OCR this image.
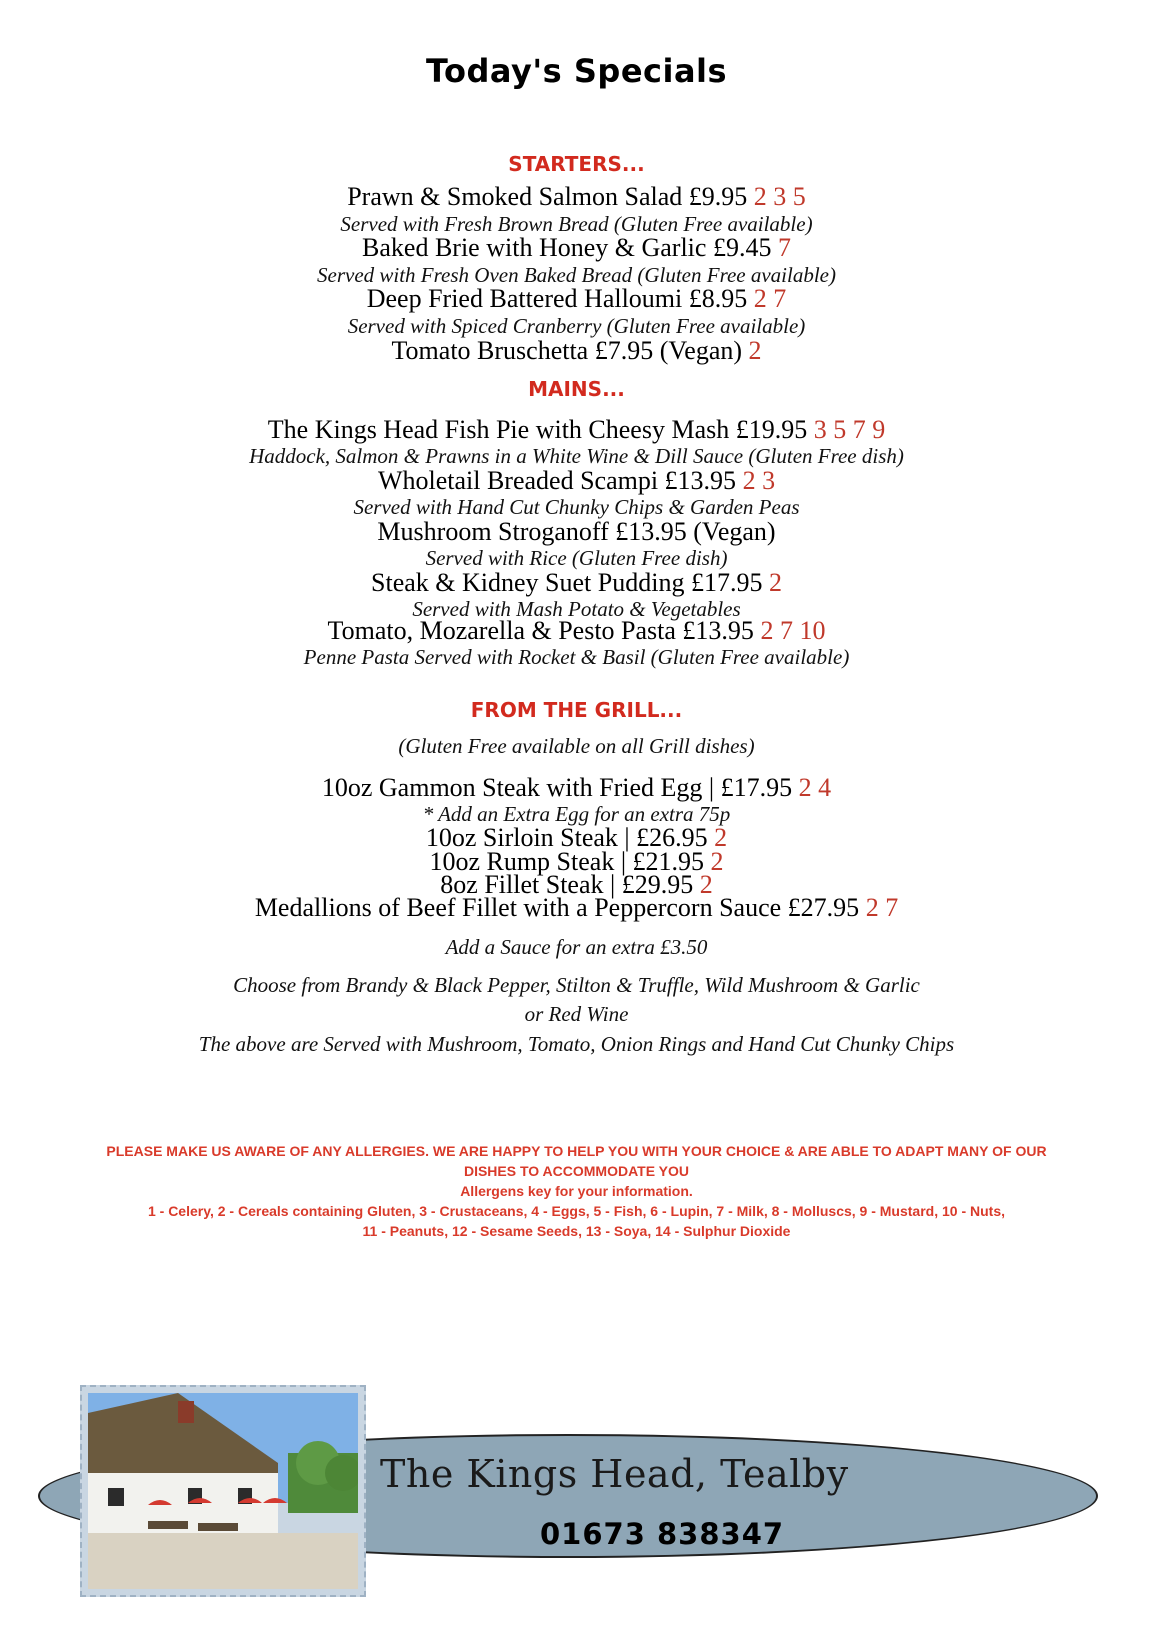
Today's Specials
STARTERS...
Prawn & Smoked Salmon Salad £9.95 2 3 5
Served with Fresh Brown Bread (Gluten Free available)
Baked Brie with Honey & Garlic £9.45 7
Served with Fresh Oven Baked Bread (Gluten Free available)
Deep Fried Battered Halloumi £8.95 2 7
Served with Spiced Cranberry (Gluten Free available)
Tomato Bruschetta £7.95 (Vegan) 2
MAINS...
The Kings Head Fish Pie with Cheesy Mash £19.95 3 5 7 9
Haddock, Salmon & Prawns in a White Wine & Dill Sauce (Gluten Free dish)
Wholetail Breaded Scampi £13.95 2 3
Served with Hand Cut Chunky Chips & Garden Peas
Mushroom Stroganoff £13.95 (Vegan)
Served with Rice (Gluten Free dish)
Steak & Kidney Suet Pudding £17.95 2
Served with Mash Potato & Vegetables
Tomato, Mozarella & Pesto Pasta £13.95 2 7 10
Penne Pasta Served with Rocket & Basil (Gluten Free available)
FROM THE GRILL...
(Gluten Free available on all Grill dishes)
10oz Gammon Steak with Fried Egg | £17.95 2 4
* Add an Extra Egg for an extra 75p
10oz Sirloin Steak | £26.95 2
10oz Rump Steak | £21.95 2
8oz Fillet Steak | £29.95 2
Medallions of Beef Fillet with a Peppercorn Sauce £27.95 2 7
Add a Sauce for an extra £3.50
Choose from Brandy & Black Pepper, Stilton & Truffle, Wild Mushroom & Garlic
or Red Wine
The above are Served with Mushroom, Tomato, Onion Rings and Hand Cut Chunky Chips
PLEASE MAKE US AWARE OF ANY ALLERGIES. WE ARE HAPPY TO HELP YOU WITH YOUR CHOICE & ARE ABLE TO ADAPT MANY OF OUR
DISHES TO ACCOMMODATE YOU
Allergens key for your information.
1 - Celery, 2 - Cereals containing Gluten, 3 - Crustaceans, 4 - Eggs, 5 - Fish, 6 - Lupin, 7 - Milk, 8 - Molluscs, 9 - Mustard, 10 - Nuts,
11 - Peanuts, 12 - Sesame Seeds, 13 - Soya, 14 - Sulphur Dioxide
The Kings Head, Tealby
01673 838347
